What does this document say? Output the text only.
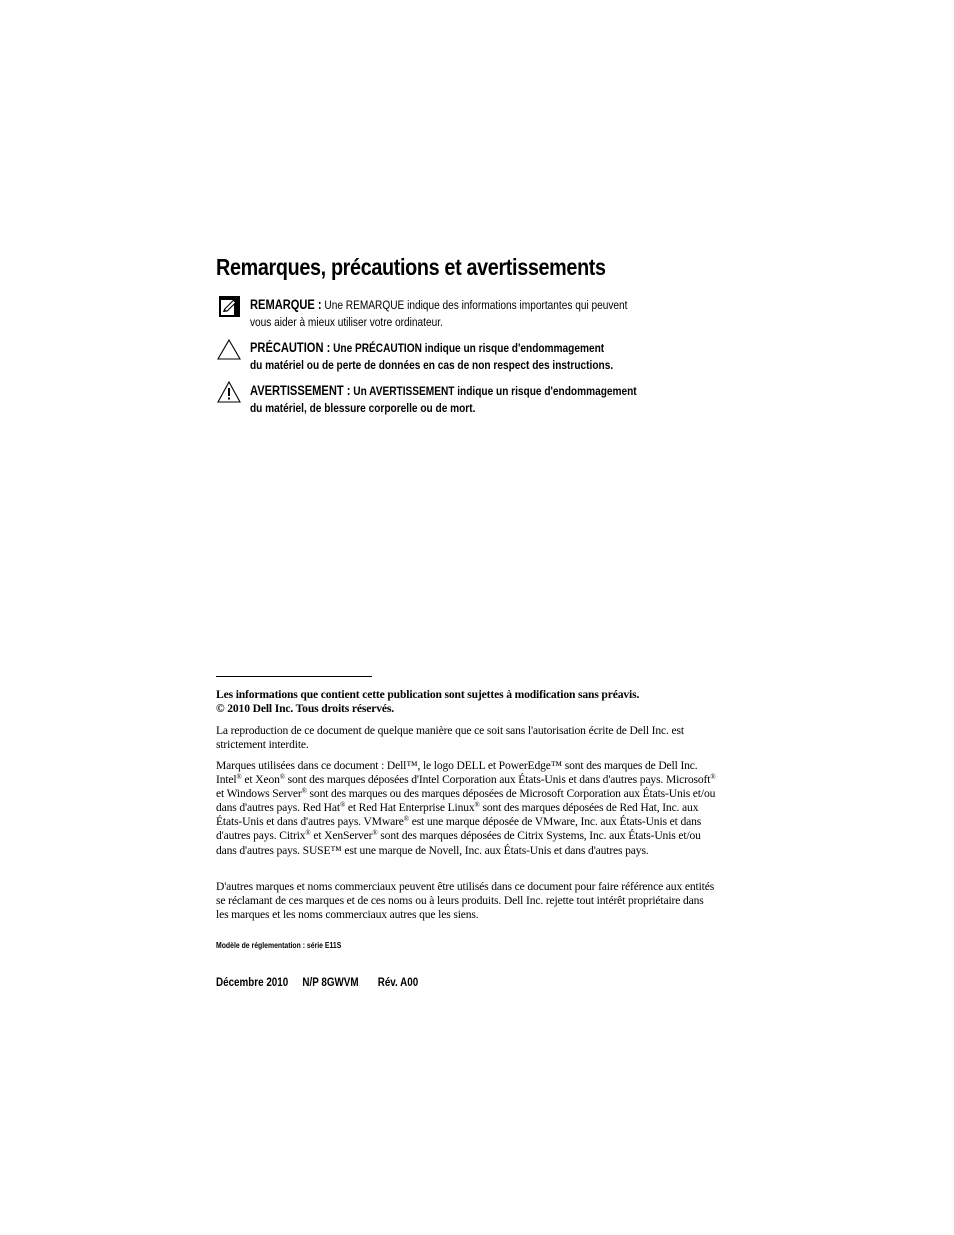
Remarques, précautions et avertissements
REMARQUE : Une REMARQUE indique des informations importantes qui peuvent
vous aider à mieux utiliser votre ordinateur.
PRÉCAUTION : Une PRÉCAUTION indique un risque d'endommagement
du matériel ou de perte de données en cas de non respect des instructions.
AVERTISSEMENT : Un AVERTISSEMENT indique un risque d'endommagement
du matériel, de blessure corporelle ou de mort.

Les informations que contient cette publication sont sujettes à modification sans préavis.
© 2010 Dell Inc. Tous droits réservés.

La reproduction de ce document de quelque manière que ce soit sans l'autorisation écrite de Dell Inc. est strictement interdite.

Marques utilisées dans ce document : Dell™, le logo DELL et PowerEdge™ sont des marques de Dell Inc. Intel® et Xeon® sont des marques déposées d'Intel Corporation aux États-Unis et dans d'autres pays. Microsoft® et Windows Server® sont des marques ou des marques déposées de Microsoft Corporation aux États-Unis et/ou dans d'autres pays. Red Hat® et Red Hat Enterprise Linux® sont des marques déposées de Red Hat, Inc. aux États-Unis et dans d'autres pays. VMware® est une marque déposée de VMware, Inc. aux États-Unis et dans d'autres pays. Citrix® et XenServer® sont des marques déposées de Citrix Systems, Inc. aux États-Unis et/ou dans d'autres pays. SUSE™ est une marque de Novell, Inc. aux États-Unis et dans d'autres pays.

D'autres marques et noms commerciaux peuvent être utilisés dans ce document pour faire référence aux entités se réclamant de ces marques et de ces noms ou à leurs produits. Dell Inc. rejette tout intérêt propriétaire dans les marques et les noms commerciaux autres que les siens.

Modèle de réglementation : série E11S
Décembre 2010 N/P 8GWVM Rév. A00
